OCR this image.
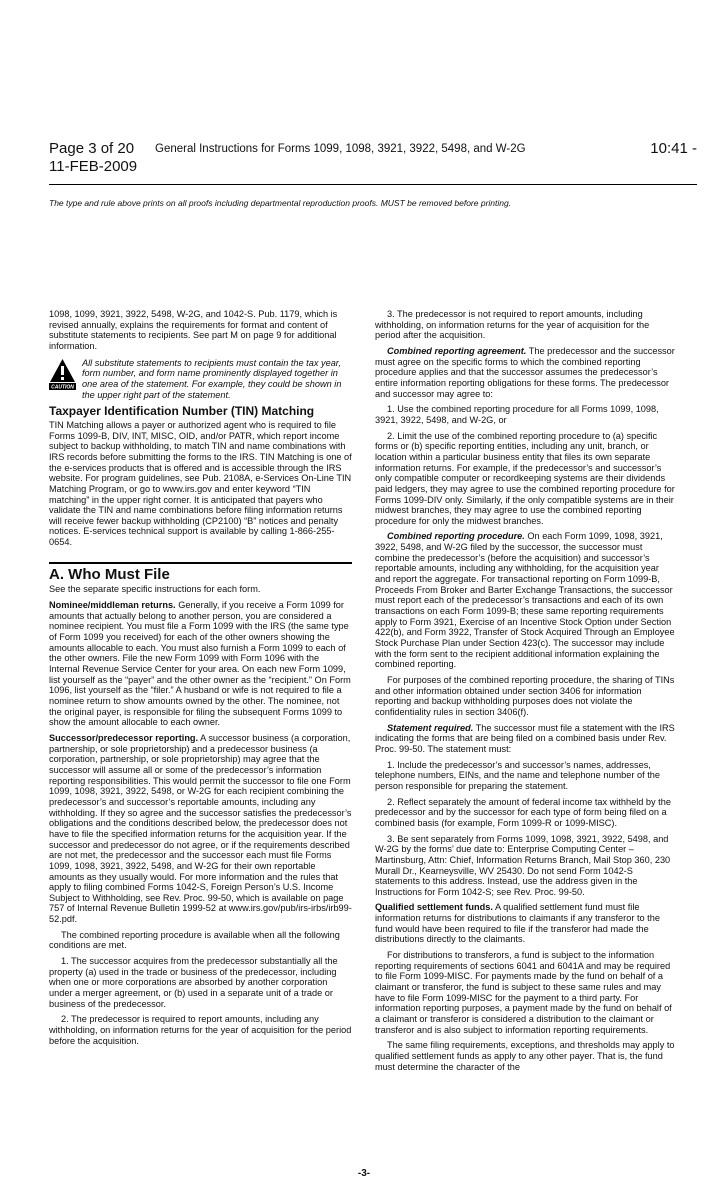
Page 3 of 20 General Instructions for Forms 1099, 1098, 3921, 3922, 5498, and W-2G	10:41 -
11-FEB-2009
The type and rule above prints on all proofs including departmental reproduction proofs. MUST be removed before printing.

1098, 1099, 3921, 3922, 5498, W-2G, and 1042-S. Pub. 1179, which is revised annually, explains the requirements for format and content of substitute statements to recipients. See part M on page 9 for additional information.

CAUTION
All substitute statements to recipients must contain the tax year, form number, and form name prominently displayed together in one area of the statement. For example, they could be shown in the upper right part of the statement.
Taxpayer Identification Number (TIN) Matching

TIN Matching allows a payer or authorized agent who is required to file Forms 1099-B, DIV, INT, MISC, OID, and/or PATR, which report income subject to backup withholding, to match TIN and name combinations with IRS records before submitting the forms to the IRS. TIN Matching is one of the e-services products that is offered and is accessible through the IRS website. For program guidelines, see Pub. 2108A, e-Services On-Line TIN Matching Program, or go to www.irs.gov and enter keyword “TIN matching” in the upper right corner. It is anticipated that payers who validate the TIN and name combinations before filing information returns will receive fewer backup withholding (CP2100) “B” notices and penalty notices. E-services technical support is available by calling 1-866-255-0654.

A. Who Must File

See the separate specific instructions for each form.

Nominee/middleman returns. Generally, if you receive a Form 1099 for amounts that actually belong to another person, you are considered a nominee recipient. You must file a Form 1099 with the IRS (the same type of Form 1099 you received) for each of the other owners showing the amounts allocable to each. You must also furnish a Form 1099 to each of the other owners. File the new Form 1099 with Form 1096 with the Internal Revenue Service Center for your area. On each new Form 1099, list yourself as the “payer” and the other owner as the “recipient.” On Form 1096, list yourself as the “filer.” A husband or wife is not required to file a nominee return to show amounts owned by the other. The nominee, not the original payer, is responsible for filing the subsequent Forms 1099 to show the amount allocable to each owner.

Successor/predecessor reporting. A successor business (a corporation, partnership, or sole proprietorship) and a predecessor business (a corporation, partnership, or sole proprietorship) may agree that the successor will assume all or some of the predecessor’s information reporting responsibilities. This would permit the successor to file one Form 1099, 1098, 3921, 3922, 5498, or W-2G for each recipient combining the predecessor’s and successor’s reportable amounts, including any withholding. If they so agree and the successor satisfies the predecessor’s obligations and the conditions described below, the predecessor does not have to file the specified information returns for the acquisition year. If the successor and predecessor do not agree, or if the requirements described are not met, the predecessor and the successor each must file Forms 1099, 1098, 3921, 3922, 5498, and W-2G for their own reportable amounts as they usually would. For more information and the rules that apply to filing combined Forms 1042-S, Foreign Person’s U.S. Income Subject to Withholding, see Rev. Proc. 99-50, which is available on page 757 of Internal Revenue Bulletin 1999-52 at www.irs.gov/pub/irs-irbs/irb99-52.pdf.

The combined reporting procedure is available when all the following conditions are met.

1. The successor acquires from the predecessor substantially all the property (a) used in the trade or business of the predecessor, including when one or more corporations are absorbed by another corporation under a merger agreement, or (b) used in a separate unit of a trade or business of the predecessor.

2. The predecessor is required to report amounts, including any withholding, on information returns for the year of acquisition for the period before the acquisition.

3. The predecessor is not required to report amounts, including withholding, on information returns for the year of acquisition for the period after the acquisition.

Combined reporting agreement. The predecessor and the successor must agree on the specific forms to which the combined reporting procedure applies and that the successor assumes the predecessor’s entire information reporting obligations for these forms. The predecessor and successor may agree to:

1. Use the combined reporting procedure for all Forms 1099, 1098, 3921, 3922, 5498, and W-2G, or

2. Limit the use of the combined reporting procedure to (a) specific forms or (b) specific reporting entities, including any unit, branch, or location within a particular business entity that files its own separate information returns. For example, if the predecessor’s and successor’s only compatible computer or recordkeeping systems are their dividends paid ledgers, they may agree to use the combined reporting procedure for Forms 1099-DIV only. Similarly, if the only compatible systems are in their midwest branches, they may agree to use the combined reporting procedure for only the midwest branches.

Combined reporting procedure. On each Form 1099, 1098, 3921, 3922, 5498, and W-2G filed by the successor, the successor must combine the predecessor’s (before the acquisition) and successor’s reportable amounts, including any withholding, for the acquisition year and report the aggregate. For transactional reporting on Form 1099-B, Proceeds From Broker and Barter Exchange Transactions, the successor must report each of the predecessor’s transactions and each of its own transactions on each Form 1099-B; these same reporting requirements apply to Form 3921, Exercise of an Incentive Stock Option under Section 422(b), and Form 3922, Transfer of Stock Acquired Through an Employee Stock Purchase Plan under Section 423(c). The successor may include with the form sent to the recipient additional information explaining the combined reporting.

For purposes of the combined reporting procedure, the sharing of TINs and other information obtained under section 3406 for information reporting and backup withholding purposes does not violate the confidentiality rules in section 3406(f).

Statement required. The successor must file a statement with the IRS indicating the forms that are being filed on a combined basis under Rev. Proc. 99-50. The statement must:

1. Include the predecessor’s and successor’s names, addresses, telephone numbers, EINs, and the name and telephone number of the person responsible for preparing the statement.

2. Reflect separately the amount of federal income tax withheld by the predecessor and by the successor for each type of form being filed on a combined basis (for example, Form 1099-R or 1099-MISC).

3. Be sent separately from Forms 1099, 1098, 3921, 3922, 5498, and W-2G by the forms’ due date to: Enterprise Computing Center – Martinsburg, Attn: Chief, Information Returns Branch, Mail Stop 360, 230 Murall Dr., Kearneysville, WV 25430. Do not send Form 1042-S statements to this address. Instead, use the address given in the Instructions for Form 1042-S; see Rev. Proc. 99-50.

Qualified settlement funds. A qualified settlement fund must file information returns for distributions to claimants if any transferor to the fund would have been required to file if the transferor had made the distributions directly to the claimants.

For distributions to transferors, a fund is subject to the information reporting requirements of sections 6041 and 6041A and may be required to file Form 1099-MISC. For payments made by the fund on behalf of a claimant or transferor, the fund is subject to these same rules and may have to file Form 1099-MISC for the payment to a third party. For information reporting purposes, a payment made by the fund on behalf of a claimant or transferor is considered a distribution to the claimant or transferor and is also subject to information reporting requirements.

The same filing requirements, exceptions, and thresholds may apply to qualified settlement funds as apply to any other payer. That is, the fund must determine the character of the

-3-
